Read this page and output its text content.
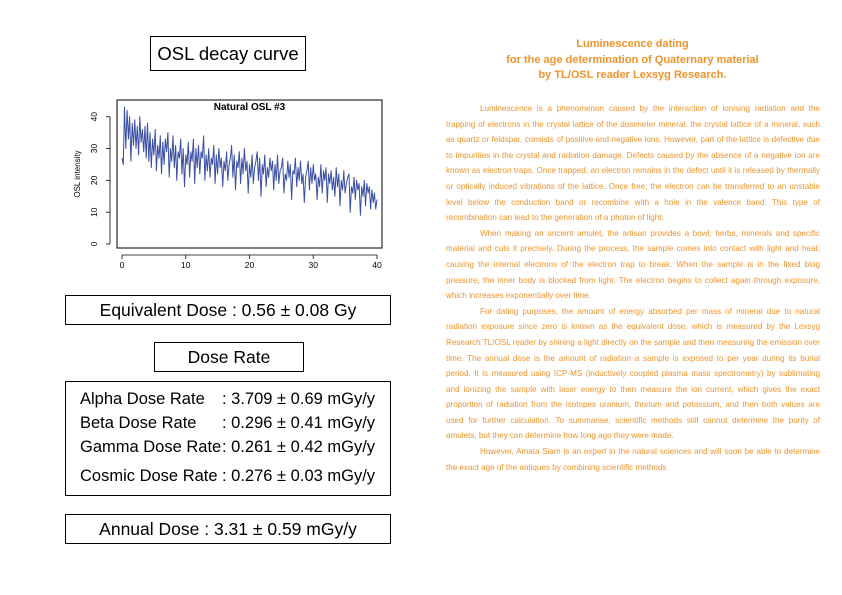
OSL decay curve
Natural OSL #3
0	10	20	30	40
0
10
20
30
40
OSL intensity
Equivalent Dose : 0.56 ± 0.08 Gy
Dose Rate
Alpha Dose Rate : 3.709 ± 0.69 mGy/y
Beta Dose Rate : 0.296 ± 0.41 mGy/y
Gamma Dose Rate : 0.261 ± 0.42 mGy/y
Cosmic Dose Rate : 0.276 ± 0.03 mGy/y
Annual Dose : 3.31 ± 0.59 mGy/y
Luminescence dating
for the age determination of Quaternary material
by TL/OSL reader Lexsyg Research.

Luminescence is a phenomenon caused by the interaction of ionising radiation and the trapping of electrons in the crystal lattice of the dosimeter mineral. the crystal lattice of a mineral, such as quartz or feldspar, consists of positive and negative ions. However, part of the lattice is defective due to impurities in the crystal and radiation damage. Defects caused by the absence of a negative ion are known as electron traps. Once trapped, an electron remains in the defect until it is released by thermally or optically induced vibrations of the lattice. Once free, the electron can be transferred to an unstable level below the conduction band or recombine with a hole in the valence band. This type of recombination can lead to the generation of a photon of light.

When making an ancient amulet, the artisan provides a bowl, herbs, minerals and specific material and cuts it precisely. During the process, the sample comes into contact with light and heat, causing the internal electrons of the electron trap to break. When the sample is in the fixed blog pressure, the inner body is blocked from light. The electron begins to collect again through exposure, which increases exponentially over time.

For dating purposes, the amount of energy absorbed per mass of mineral due to natural radiation exposure since zero is known as the equivalent dose, which is measured by the Lexsyg Research TL/OSL reader by shining a light directly on the sample and then measuring the emission over time. The annual dose is the amount of radiation a sample is exposed to per year during its burial period. It is measured using ICP-MS (inductively coupled plasma mass spectrometry) by sublimating and ionizing the sample with laser energy to then measure the ion current, which gives the exact proportion of radiation from the isotopes uranium, thorium and potassium, and then both values are used for further calculation. To summarise, scientific methods still cannot determine the purity of amulets, but they can determine how long ago they were made.

However, Amata Siam is an expert in the natural sciences and will soon be able to determine the exact age of the antiques by combining scientific methods.
